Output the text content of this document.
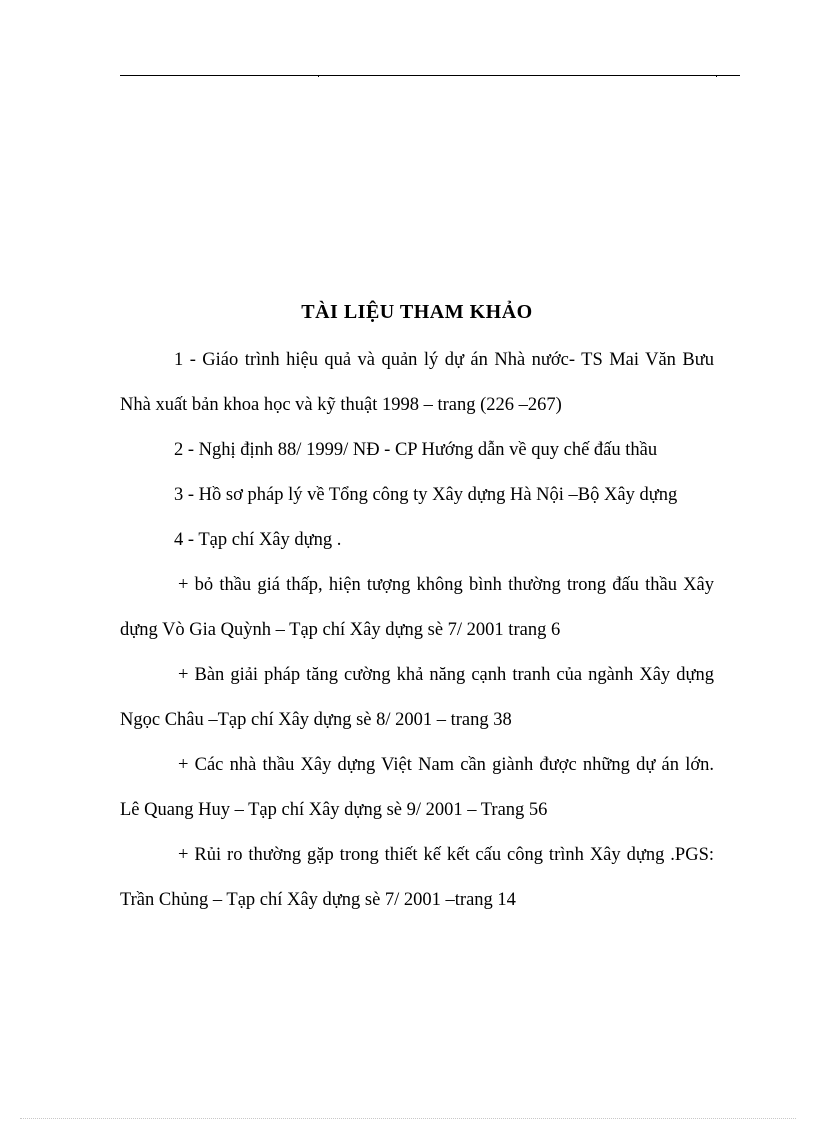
TÀI LIỆU THAM KHẢO

1 - Giáo trình hiệu quả và quản lý dự án Nhà nước- TS Mai Văn Bưu Nhà xuất bản khoa học và kỹ thuật 1998 – trang (226 –267)

2 - Nghị định 88/ 1999/ NĐ - CP Hướng dẫn về quy chế đấu thầu

3 - Hồ sơ pháp lý về Tổng công ty Xây dựng Hà Nội –Bộ Xây dựng

4 - Tạp chí Xây dựng .

+ bỏ thầu giá thấp, hiện tượng không bình thường trong đấu thầu Xây dựng Vò Gia Quỳnh – Tạp chí Xây dựng sè 7/ 2001 trang 6

+ Bàn giải pháp tăng cường khả năng cạnh tranh của ngành Xây dựng Ngọc Châu –Tạp chí Xây dựng sè 8/ 2001 – trang 38

+ Các nhà thầu Xây dựng Việt Nam cần giành được những dự án lớn. Lê Quang Huy – Tạp chí Xây dựng sè 9/ 2001 – Trang 56

+ Rủi ro thường gặp trong thiết kế kết cấu công trình Xây dựng .PGS: Trần Chủng – Tạp chí Xây dựng sè 7/ 2001 –trang 14
